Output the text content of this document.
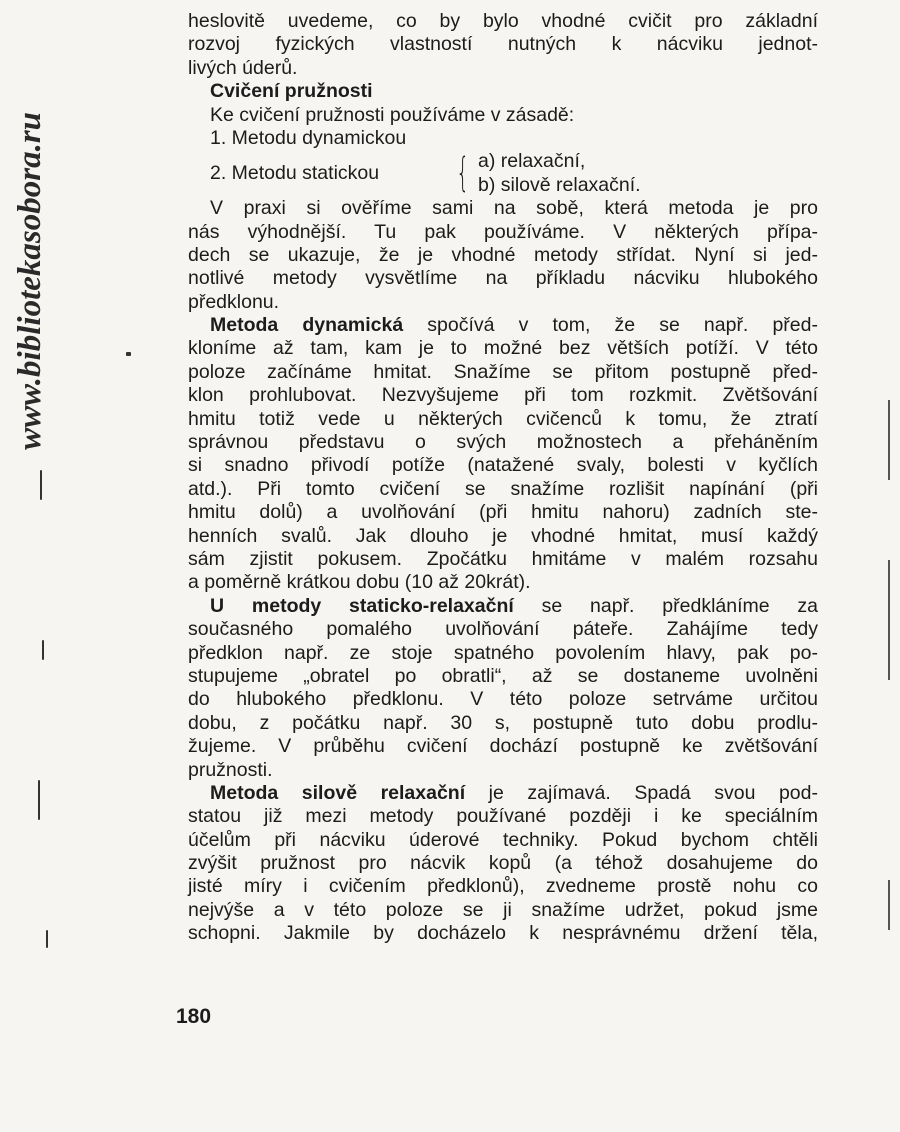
www.bibliotekasobora.ru
heslovitě uvedeme, co by bylo vhodné cvičit pro základní
rozvoj fyzických vlastností nutných k nácviku jednot-
livých úderů.
Cvičení pružnosti
Ke cvičení pružnosti používáme v zásadě:
1. Metodu dynamickou
2. Metodu statickou { a) relaxační,
b) silově relaxační.
V praxi si ověříme sami na sobě, která metoda je pro
nás výhodnější. Tu pak používáme. V některých přípa-
dech se ukazuje, že je vhodné metody střídat. Nyní si jed-
notlivé metody vysvětlíme na příkladu nácviku hlubokého
předklonu.
Metoda dynamická spočívá v tom, že se např. před-
kloníme až tam, kam je to možné bez větších potíží. V této
poloze začínáme hmitat. Snažíme se přitom postupně před-
klon prohlubovat. Nezvyšujeme při tom rozkmit. Zvětšování
hmitu totiž vede u některých cvičenců k tomu, že ztratí
správnou představu o svých možnostech a přeháněním
si snadno přivodí potíže (natažené svaly, bolesti v kyčlích
atd.). Při tomto cvičení se snažíme rozlišit napínání (při
hmitu dolů) a uvolňování (při hmitu nahoru) zadních ste-
henních svalů. Jak dlouho je vhodné hmitat, musí každý
sám zjistit pokusem. Zpočátku hmitáme v malém rozsahu
a poměrně krátkou dobu (10 až 20krát).
U metody staticko-relaxační se např. předkláníme za
současného pomalého uvolňování páteře. Zahájíme tedy
předklon např. ze stoje spatného povolením hlavy, pak po-
stupujeme „obratel po obratli“, až se dostaneme uvolněni
do hlubokého předklonu. V této poloze setrváme určitou
dobu, z počátku např. 30 s, postupně tuto dobu prodlu-
žujeme. V průběhu cvičení dochází postupně ke zvětšování
pružnosti.
Metoda silově relaxační je zajímavá. Spadá svou pod-
statou již mezi metody používané později i ke speciálním
účelům při nácviku úderové techniky. Pokud bychom chtěli
zvýšit pružnost pro nácvik kopů (a téhož dosahujeme do
jisté míry i cvičením předklonů), zvedneme prostě nohu co
nejvýše a v této poloze se ji snažíme udržet, pokud jsme
schopni. Jakmile by docházelo k nesprávnému držení těla,
180
